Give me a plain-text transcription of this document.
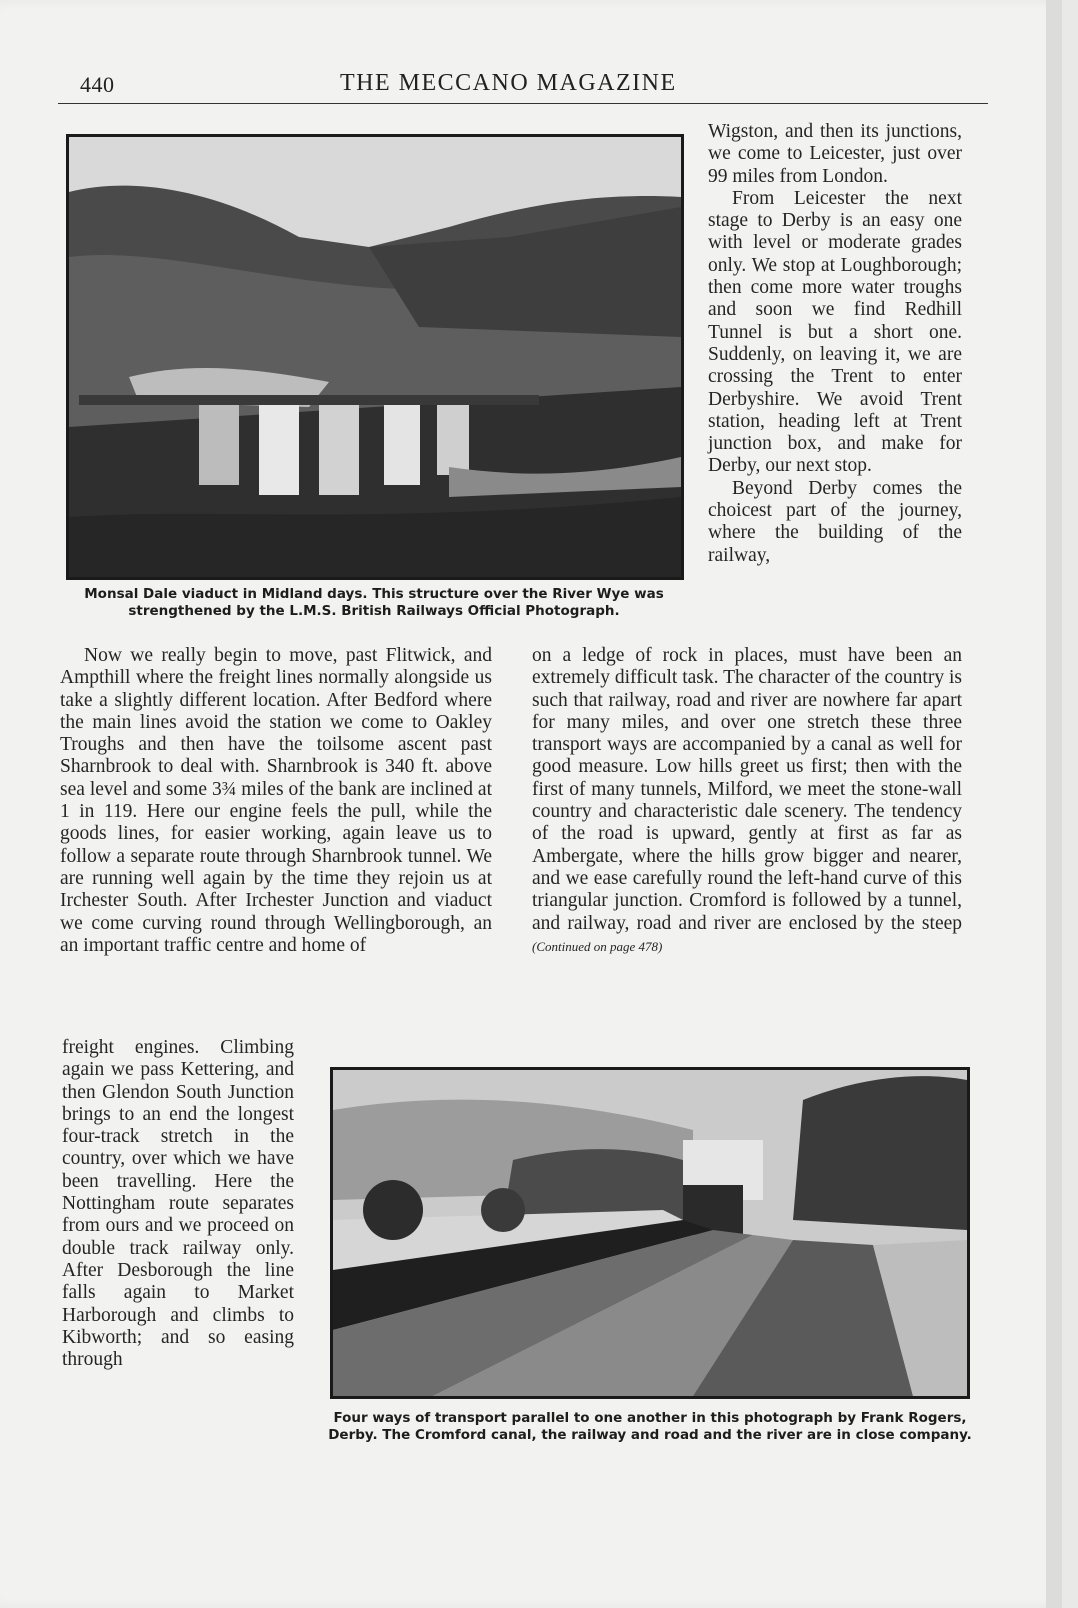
440	THE MECCANO MAGAZINE
Monsal Dale viaduct in Midland days. This structure over the River Wye was strengthened by the L.M.S. British Railways Official Photograph.

Wigston, and then its junctions, we come to Leicester, just over 99 miles from London.

From Leicester the next stage to Derby is an easy one with level or moderate grades only. We stop at Loughborough; then come more water troughs and soon we find Redhill Tunnel is but a short one. Suddenly, on leaving it, we are crossing the Trent to enter Derbyshire. We avoid Trent station, heading left at Trent junction box, and make for Derby, our next stop.

Beyond Derby comes the choicest part of the journey, where the building of the railway,

Now we really begin to move, past Flitwick, and Ampthill where the freight lines normally alongside us take a slightly different location. After Bedford where the main lines avoid the station we come to Oakley Troughs and then have the toilsome ascent past Sharnbrook to deal with. Sharnbrook is 340 ft. above sea level and some 3¾ miles of the bank are inclined at 1 in 119. Here our engine feels the pull, while the goods lines, for easier working, again leave us to follow a separate route through Sharnbrook tunnel. We are running well again by the time they rejoin us at Irchester South. After Irchester Junction and viaduct we come curving round through Wellingborough, an an important traffic centre and home of

on a ledge of rock in places, must have been an extremely difficult task. The character of the country is such that railway, road and river are nowhere far apart for many miles, and over one stretch these three transport ways are accompanied by a canal as well for good measure. Low hills greet us first; then with the first of many tunnels, Milford, we meet the stone-wall country and characteristic dale scenery. The tendency of the road is upward, gently at first as far as Ambergate, where the hills grow bigger and nearer, and we ease carefully round the left-hand curve of this triangular junction. Cromford is followed by a tunnel, and railway, road and river are enclosed by the steep (Continued on page 478)

freight engines. Climbing again we pass Kettering, and then Glendon South Junction brings to an end the longest four-track stretch in the country, over which we have been travelling. Here the Nottingham route separates from ours and we proceed on double track railway only. After Desborough the line falls again to Market Harborough and climbs to Kibworth; and so easing through

Four ways of transport parallel to one another in this photograph by Frank Rogers, Derby. The Cromford canal, the railway and road and the river are in close company.
